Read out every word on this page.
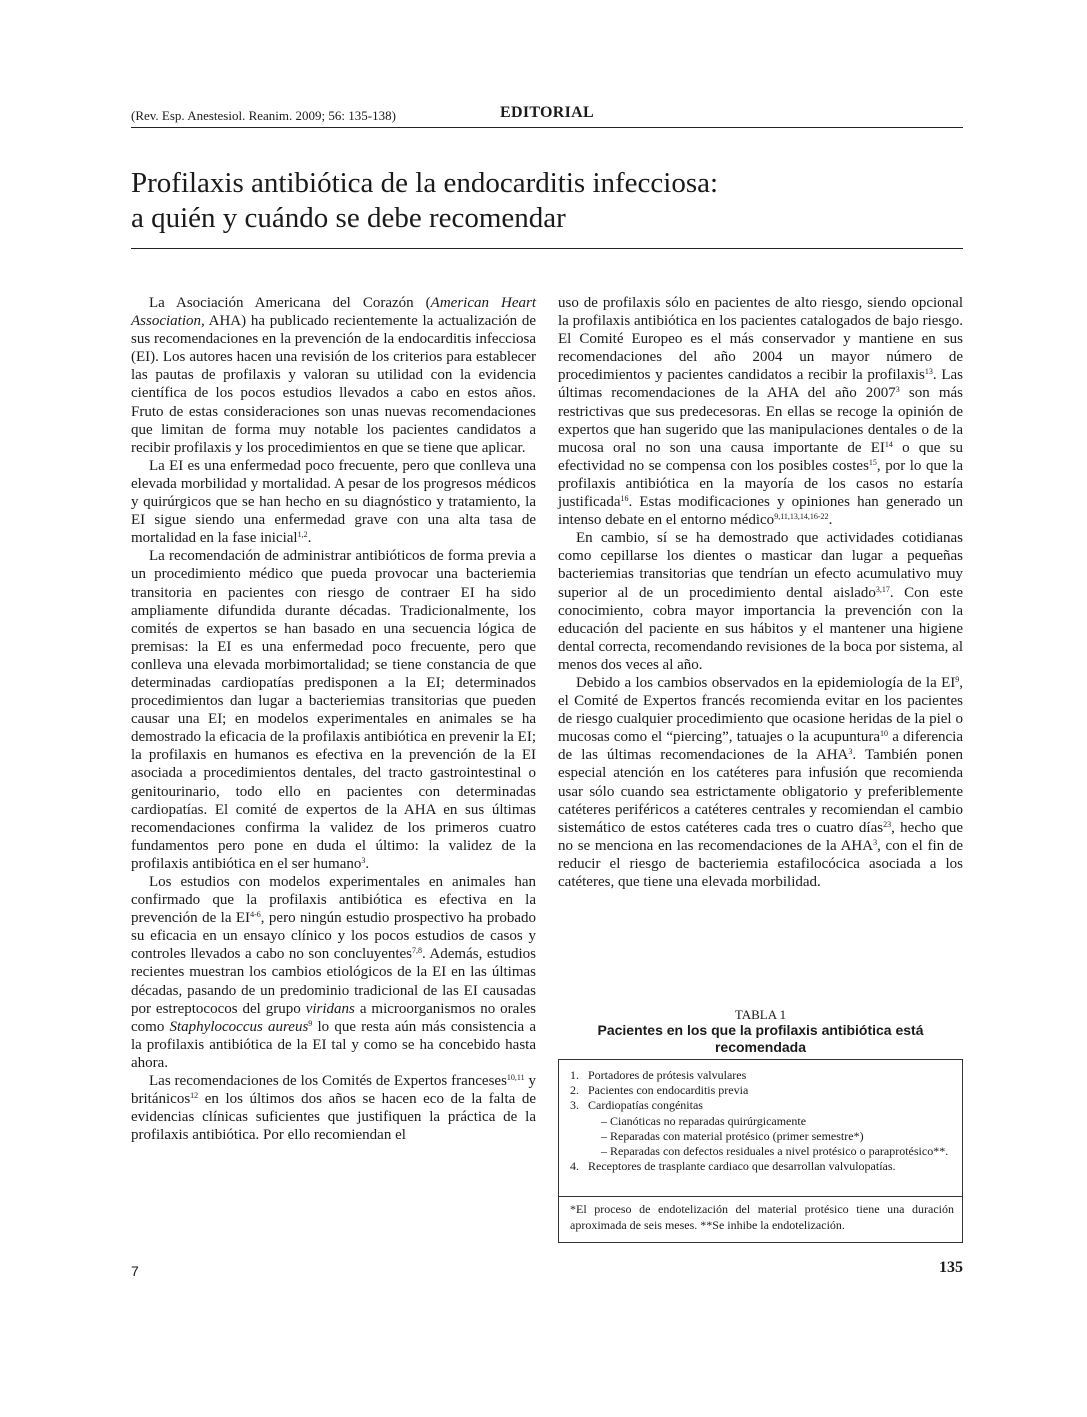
(Rev. Esp. Anestesiol. Reanim. 2009; 56: 135-138)	EDITORIAL
Profilaxis antibiótica de la endocarditis infecciosa:
a quién y cuándo se debe recomendar

La Asociación Americana del Corazón (American Heart Association, AHA) ha publicado recientemente la actualización de sus recomendaciones en la prevención de la endocarditis infecciosa (EI). Los autores hacen una revisión de los criterios para establecer las pautas de profilaxis y valoran su utilidad con la evidencia científica de los pocos estudios llevados a cabo en estos años. Fruto de estas consideraciones son unas nuevas recomendaciones que limitan de forma muy notable los pacientes candidatos a recibir profilaxis y los procedimientos en que se tiene que aplicar.

La EI es una enfermedad poco frecuente, pero que conlleva una elevada morbilidad y mortalidad. A pesar de los progresos médicos y quirúrgicos que se han hecho en su diagnóstico y tratamiento, la EI sigue siendo una enfermedad grave con una alta tasa de mortalidad en la fase inicial$^{1,2}$.

La recomendación de administrar antibióticos de forma previa a un procedimiento médico que pueda provocar una bacteriemia transitoria en pacientes con riesgo de contraer EI ha sido ampliamente difundida durante décadas. Tradicionalmente, los comités de expertos se han basado en una secuencia lógica de premisas: la EI es una enfermedad poco frecuente, pero que conlleva una elevada morbimortalidad; se tiene constancia de que determinadas cardiopatías predisponen a la EI; determinados procedimientos dan lugar a bacteriemias transitorias que pueden causar una EI; en modelos experimentales en animales se ha demostrado la eficacia de la profilaxis antibiótica en prevenir la EI; la profilaxis en humanos es efectiva en la prevención de la EI asociada a procedimientos dentales, del tracto gastrointestinal o genitourinario, todo ello en pacientes con determinadas cardiopatías. El comité de expertos de la AHA en sus últimas recomendaciones confirma la validez de los primeros cuatro fundamentos pero pone en duda el último: la validez de la profilaxis antibiótica en el ser humano$^3$.

Los estudios con modelos experimentales en animales han confirmado que la profilaxis antibiótica es efectiva en la prevención de la EI$^{4-6}$, pero ningún estudio prospectivo ha probado su eficacia en un ensayo clínico y los pocos estudios de casos y controles llevados a cabo no son concluyentes$^{7,8}$. Además, estudios recientes muestran los cambios etiológicos de la EI en las últimas décadas, pasando de un predominio tradicional de las EI causadas por estreptococos del grupo viridans a microorganismos no orales como Staphylococcus aureus$^9$ lo que resta aún más consistencia a la profilaxis antibiótica de la EI tal y como se ha concebido hasta ahora.

Las recomendaciones de los Comités de Expertos franceses$^{10,11}$ y británicos$^{12}$ en los últimos dos años se hacen eco de la falta de evidencias clínicas suficientes que justifiquen la práctica de la profilaxis antibiótica. Por ello recomiendan el

uso de profilaxis sólo en pacientes de alto riesgo, siendo opcional la profilaxis antibiótica en los pacientes catalogados de bajo riesgo. El Comité Europeo es el más conservador y mantiene en sus recomendaciones del año 2004 un mayor número de procedimientos y pacientes candidatos a recibir la profilaxis$^{13}$. Las últimas recomendaciones de la AHA del año 2007$^3$ son más restrictivas que sus predecesoras. En ellas se recoge la opinión de expertos que han sugerido que las manipulaciones dentales o de la mucosa oral no son una causa importante de EI$^{14}$ o que su efectividad no se compensa con los posibles costes$^{15}$, por lo que la profilaxis antibiótica en la mayoría de los casos no estaría justificada$^{16}$. Estas modificaciones y opiniones han generado un intenso debate en el entorno médico$^{9,11,13,14,16-22}$.

En cambio, sí se ha demostrado que actividades cotidianas como cepillarse los dientes o masticar dan lugar a pequeñas bacteriemias transitorias que tendrían un efecto acumulativo muy superior al de un procedimiento dental aislado$^{3,17}$. Con este conocimiento, cobra mayor importancia la prevención con la educación del paciente en sus hábitos y el mantener una higiene dental correcta, recomendando revisiones de la boca por sistema, al menos dos veces al año.

Debido a los cambios observados en la epidemiología de la $EI^9$, el Comité de Expertos francés recomienda evitar en los pacientes de riesgo cualquier procedimiento que ocasione heridas de la piel o mucosas como el “piercing”, tatuajes o la acupuntura$^{10}$ a diferencia de las últimas recomendaciones de la AHA$^3$. También ponen especial atención en los catéteres para infusión que recomienda usar sólo cuando sea estrictamente obligatorio y preferiblemente catéteres periféricos a catéteres centrales y recomiendan el cambio sistemático de estos catéteres cada tres o cuatro días$^{23}$, hecho que no se menciona en las recomendaciones de la AHA$^3$, con el fin de reducir el riesgo de bacteriemia estafilocócica asociada a los catéteres, que tiene una elevada morbilidad.

TABLA 1
Pacientes en los que la profilaxis antibiótica está recomendada
1. Portadores de prótesis valvulares
2. Pacientes con endocarditis previa
3. Cardiopatías congénitas
– Cianóticas no reparadas quirúrgicamente
– Reparadas con material protésico (primer semestre*)
– Reparadas con defectos residuales a nivel protésico o paraprotésico**.
4. Receptores de trasplante cardiaco que desarrollan valvulopatías.
*El proceso de endotelización del material protésico tiene una duración aproximada de seis meses. **Se inhibe la endotelización.
7	135
